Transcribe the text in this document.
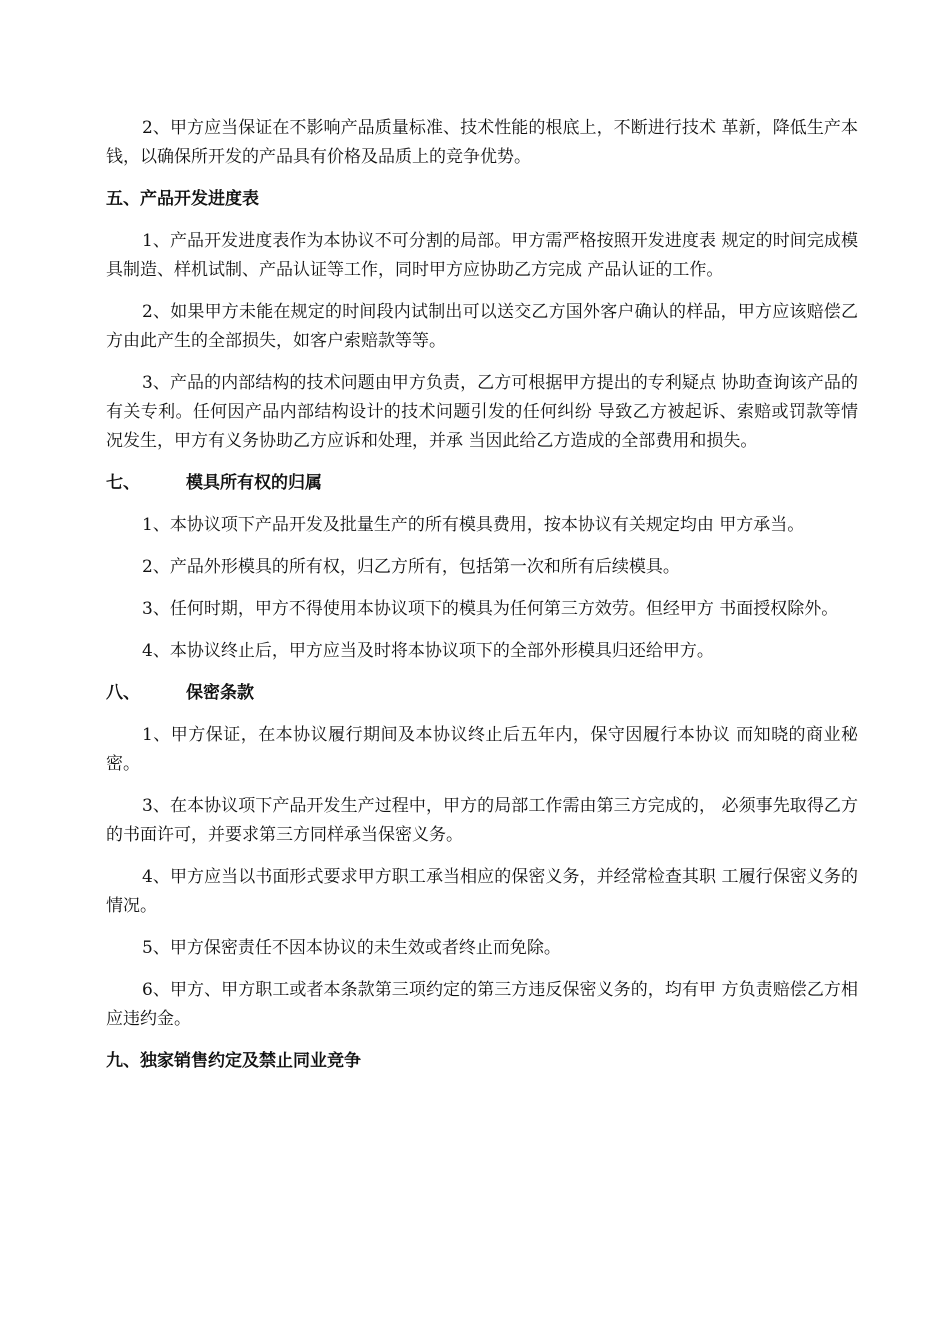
2、甲方应当保证在不影响产品质量标准、技术性能的根底上，不断进行技术 革新，降低生产本钱，以确保所开发的产品具有价格及品质上的竞争优势。

五、产品开发进度表

1、产品开发进度表作为本协议不可分割的局部。甲方需严格按照开发进度表 规定的时间完成模具制造、样机试制、产品认证等工作，同时甲方应协助乙方完成 产品认证的工作。

2、如果甲方未能在规定的时间段内试制出可以送交乙方国外客户确认的样品，甲方应该赔偿乙方由此产生的全部损失，如客户索赔款等等。

3、产品的内部结构的技术问题由甲方负责，乙方可根据甲方提出的专利疑点 协助查询该产品的有关专利。任何因产品内部结构设计的技术问题引发的任何纠纷 导致乙方被起诉、索赔或罚款等情况发生，甲方有义务协助乙方应诉和处理，并承 当因此给乙方造成的全部费用和损失。

七、	模具所有权的归属

1、本协议项下产品开发及批量生产的所有模具费用，按本协议有关规定均由 甲方承当。

2、产品外形模具的所有权，归乙方所有，包括第一次和所有后续模具。

3、任何时期，甲方不得使用本协议项下的模具为任何第三方效劳。但经甲方 书面授权除外。

4、本协议终止后，甲方应当及时将本协议项下的全部外形模具归还给甲方。

八、	保密条款

1、甲方保证，在本协议履行期间及本协议终止后五年内，保守因履行本协议 而知晓的商业秘密。

3、在本协议项下产品开发生产过程中，甲方的局部工作需由第三方完成的， 必须事先取得乙方的书面许可，并要求第三方同样承当保密义务。

4、甲方应当以书面形式要求甲方职工承当相应的保密义务，并经常检查其职 工履行保密义务的情况。

5、甲方保密责任不因本协议的未生效或者终止而免除。

6、甲方、甲方职工或者本条款第三项约定的第三方违反保密义务的，均有甲 方负责赔偿乙方相应违约金。

九、独家销售约定及禁止同业竞争
